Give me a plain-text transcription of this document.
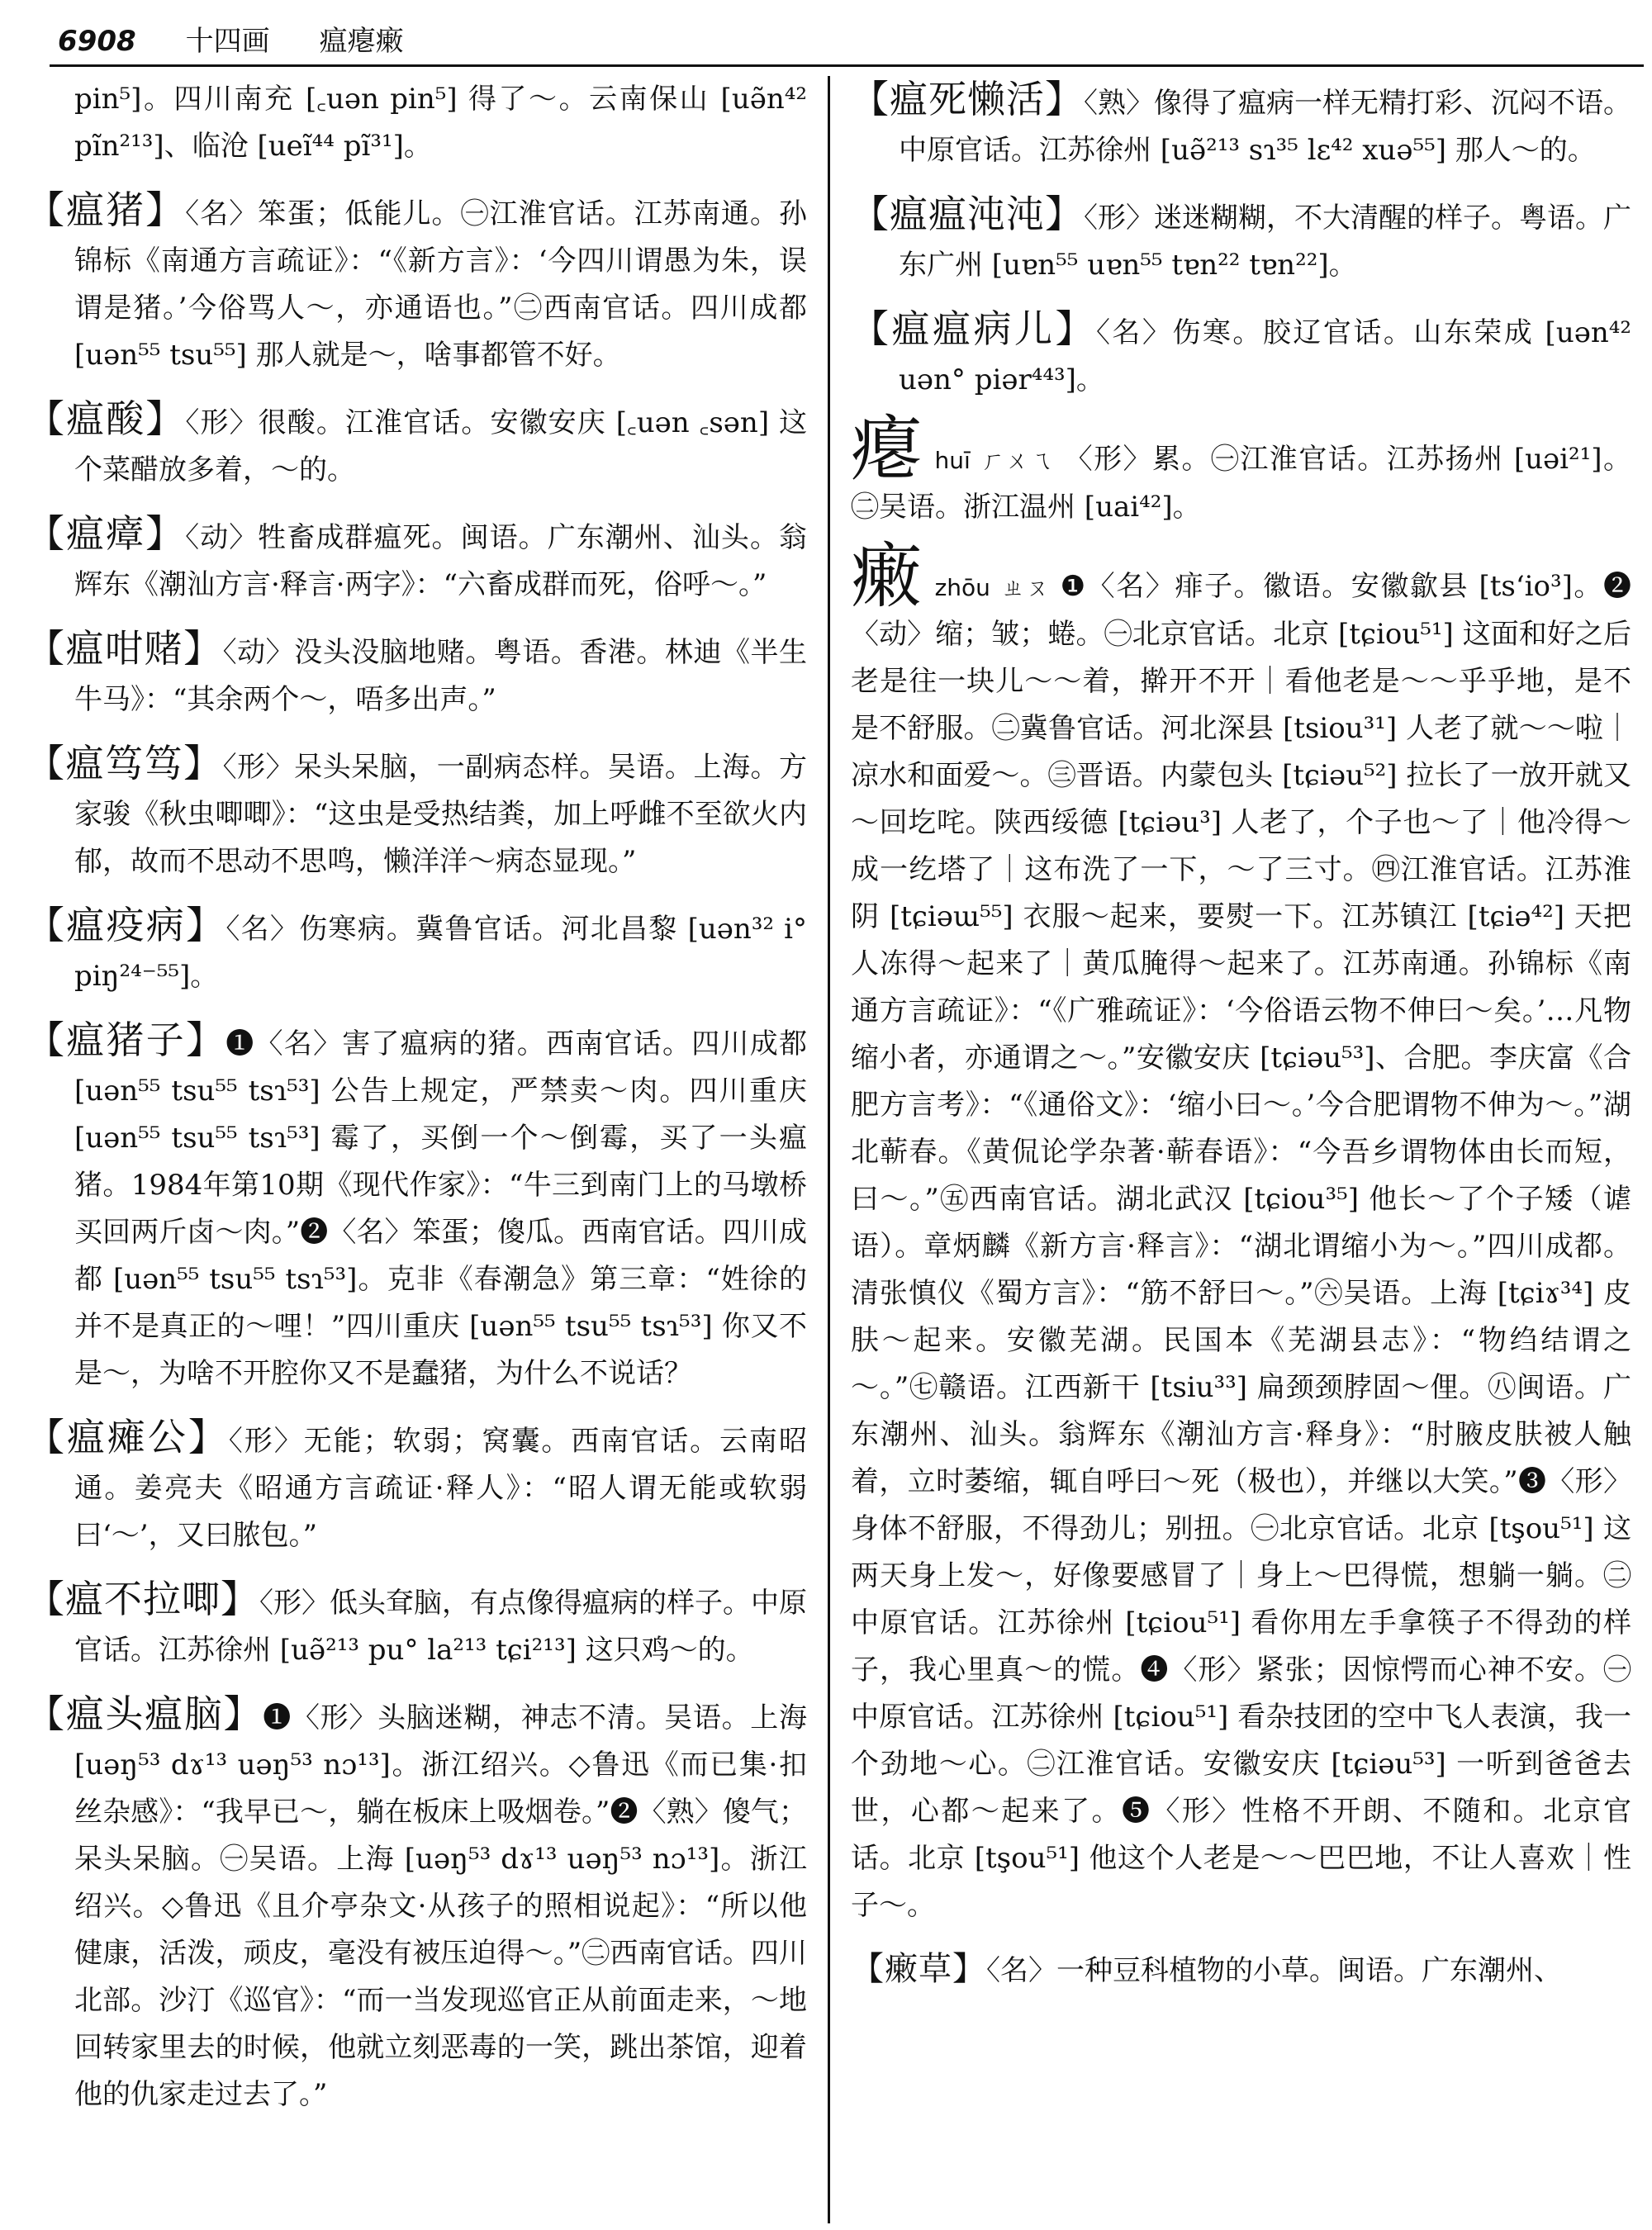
6908 十四画 瘟瘪瘷

pin⁵]。四川南充 [꜀uən pin⁵] 得了～。云南保山 [uə̃n⁴² pĩn²¹³]、临沧 [ueĩ⁴⁴ pĩ³¹]。

【瘟猪】〈名〉笨蛋；低能儿。㊀江淮官话。江苏南通。孙锦标《南通方言疏证》：“《新方言》：‘今四川谓愚为朱，误谓是猪。’今俗骂人～，亦通语也。”㊁西南官话。四川成都 [uən⁵⁵ tsu⁵⁵] 那人就是～，啥事都管不好。

【瘟酸】〈形〉很酸。江淮官话。安徽安庆 [꜀uən ꜀sən] 这个菜醋放多着，～的。

【瘟瘴】〈动〉牲畜成群瘟死。闽语。广东潮州、汕头。翁辉东《潮汕方言·释言·两字》：“六畜成群而死，俗呼～。”

【瘟咁赌】〈动〉没头没脑地赌。粤语。香港。林迪《半生牛马》：“其余两个～，唔多出声。”

【瘟笃笃】〈形〉呆头呆脑，一副病态样。吴语。上海。方家骏《秋虫唧唧》：“这虫是受热结粪，加上呼雌不至欲火内郁，故而不思动不思鸣，懒洋洋～病态显现。”

【瘟疫病】〈名〉伤寒病。冀鲁官话。河北昌黎 [uən³² i° piŋ²⁴⁻⁵⁵]。

【瘟猪子】❶〈名〉害了瘟病的猪。西南官话。四川成都 [uən⁵⁵ tsu⁵⁵ tsɿ⁵³] 公告上规定，严禁卖～肉。四川重庆 [uən⁵⁵ tsu⁵⁵ tsɿ⁵³] 霉了，买倒一个～倒霉，买了一头瘟猪。1984年第10期《现代作家》：“牛三到南门上的马墩桥买回两斤卤～肉。”❷〈名〉笨蛋；傻瓜。西南官话。四川成都 [uən⁵⁵ tsu⁵⁵ tsɿ⁵³]。克非《春潮急》第三章：“姓徐的并不是真正的～哩！”四川重庆 [uən⁵⁵ tsu⁵⁵ tsɿ⁵³] 你又不是～，为啥不开腔你又不是蠢猪，为什么不说话？

【瘟瘫公】〈形〉无能；软弱；窝囊。西南官话。云南昭通。姜亮夫《昭通方言疏证·释人》：“昭人谓无能或软弱曰‘～’，又曰脓包。”

【瘟不拉唧】〈形〉低头耷脑，有点像得瘟病的样子。中原官话。江苏徐州 [uə̃²¹³ pu° la²¹³ tɕi²¹³] 这只鸡～的。

【瘟头瘟脑】❶〈形〉头脑迷糊，神志不清。吴语。上海 [uəŋ⁵³ dɤ¹³ uəŋ⁵³ nɔ¹³]。浙江绍兴。◇鲁迅《而已集·扣丝杂感》：“我早已～，躺在板床上吸烟卷。”❷〈熟〉傻气；呆头呆脑。㊀吴语。上海 [uəŋ⁵³ dɤ¹³ uəŋ⁵³ nɔ¹³]。浙江绍兴。◇鲁迅《且介亭杂文·从孩子的照相说起》：“所以他健康，活泼，顽皮，毫没有被压迫得～。”㊁西南官话。四川北部。沙汀《巡官》：“而一当发现巡官正从前面走来，～地回转家里去的时候，他就立刻恶毒的一笑，跳出茶馆，迎着他的仇家走过去了。”

【瘟死懒活】〈熟〉像得了瘟病一样无精打彩、沉闷不语。中原官话。江苏徐州 [uə̃²¹³ sɿ³⁵ lɛ⁴² xuə⁵⁵] 那人～的。

【瘟瘟沌沌】〈形〉迷迷糊糊，不大清醒的样子。粤语。广东广州 [uɐn⁵⁵ uɐn⁵⁵ tɐn²² tɐn²²]。

【瘟瘟病儿】〈名〉伤寒。胶辽官话。山东荣成 [uən⁴² uən° piər⁴⁴³]。

瘪huī ㄏㄨㄟ 〈形〉累。㊀江淮官话。江苏扬州 [uəi²¹]。㊁吴语。浙江温州 [uai⁴²]。

瘷zhōu ㄓㄡ ❶〈名〉痱子。徽语。安徽歙县 [tsʻio³]。❷〈动〉缩；皱；蜷。㊀北京官话。北京 [tɕiou⁵¹] 这面和好之后老是往一块儿～～着，擀开不开｜看他老是～～乎乎地，是不是不舒服。㊁冀鲁官话。河北深县 [tsiou³¹] 人老了就～～啦｜凉水和面爱～。㊂晋语。内蒙包头 [tɕiəu⁵²] 拉长了一放开就又～回圪咤。陕西绥德 [tɕiəu³] 人老了，个子也～了｜他冷得～成一纥塔了｜这布洗了一下，～了三寸。㊃江淮官话。江苏淮阴 [tɕiəɯ⁵⁵] 衣服～起来，要熨一下。江苏镇江 [tɕiə⁴²] 天把人冻得～起来了｜黄瓜腌得～起来了。江苏南通。孙锦标《南通方言疏证》：“《广雅疏证》：‘今俗语云物不伸曰～矣。’…凡物缩小者，亦通谓之～。”安徽安庆 [tɕiəu⁵³]、合肥。李庆富《合肥方言考》：“《通俗文》：‘缩小曰～。’今合肥谓物不伸为～。”湖北蕲春。《黄侃论学杂著·蕲春语》：“今吾乡谓物体由长而短，曰～。”㊄西南官话。湖北武汉 [tɕiou³⁵] 他长～了个子矮（谑语）。章炳麟《新方言·释言》：“湖北谓缩小为～。”四川成都。清张慎仪《蜀方言》：“筋不舒曰～。”㊅吴语。上海 [tɕiɤ³⁴] 皮肤～起来。安徽芜湖。民国本《芜湖县志》：“物绉结谓之～。”㊆赣语。江西新干 [tsiu³³] 扁颈颈脖固～俚。㊇闽语。广东潮州、汕头。翁辉东《潮汕方言·释身》：“肘腋皮肤被人触着，立时萎缩，辄自呼曰～死（极也），并继以大笑。”❸〈形〉身体不舒服，不得劲儿；别扭。㊀北京官话。北京 [tşou⁵¹] 这两天身上发～，好像要感冒了｜身上～巴得慌，想躺一躺。㊁中原官话。江苏徐州 [tɕiou⁵¹] 看你用左手拿筷子不得劲的样子，我心里真～的慌。❹〈形〉紧张；因惊愕而心神不安。㊀中原官话。江苏徐州 [tɕiou⁵¹] 看杂技团的空中飞人表演，我一个劲地～心。㊁江淮官话。安徽安庆 [tɕiəu⁵³] 一听到爸爸去世，心都～起来了。❺〈形〉性格不开朗、不随和。北京官话。北京 [tşou⁵¹] 他这个人老是～～巴巴地，不让人喜欢｜性子～。

【瘷草】〈名〉一种豆科植物的小草。闽语。广东潮州、
